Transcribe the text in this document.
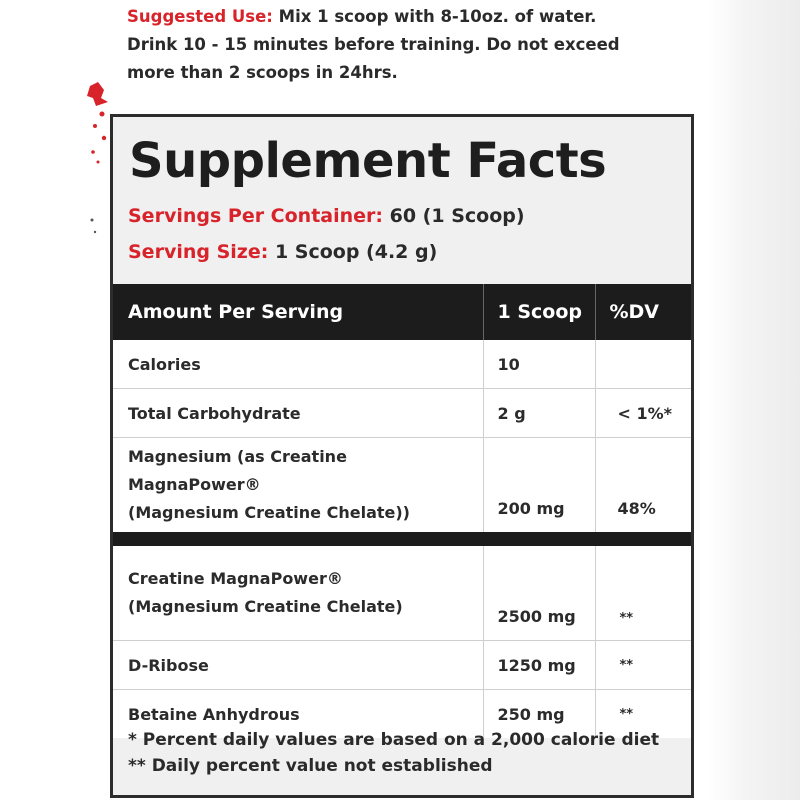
Suggested Use: Mix 1 scoop with 8-10oz. of water.
Drink 10 - 15 minutes before training. Do not exceed
more than 2 scoops in 24hrs.
Supplement Facts
Servings Per Container: 60 (1 Scoop)
Serving Size: 1 Scoop (4.2 g)
Amount Per Serving	1 Scoop	%DV
Calories	10	
Total Carbohydrate	2 g	< 1%*

Magnesium (as Creatine MagnaPower®
(Magnesium Creatine Chelate))	200 mg	48%

Creatine MagnaPower®
(Magnesium Creatine Chelate)	2500 mg	**
D-Ribose	1250 mg	**
Betaine Anhydrous	250 mg	**
* Percent daily values are based on a 2,000 calorie diet
** Daily percent value not established
